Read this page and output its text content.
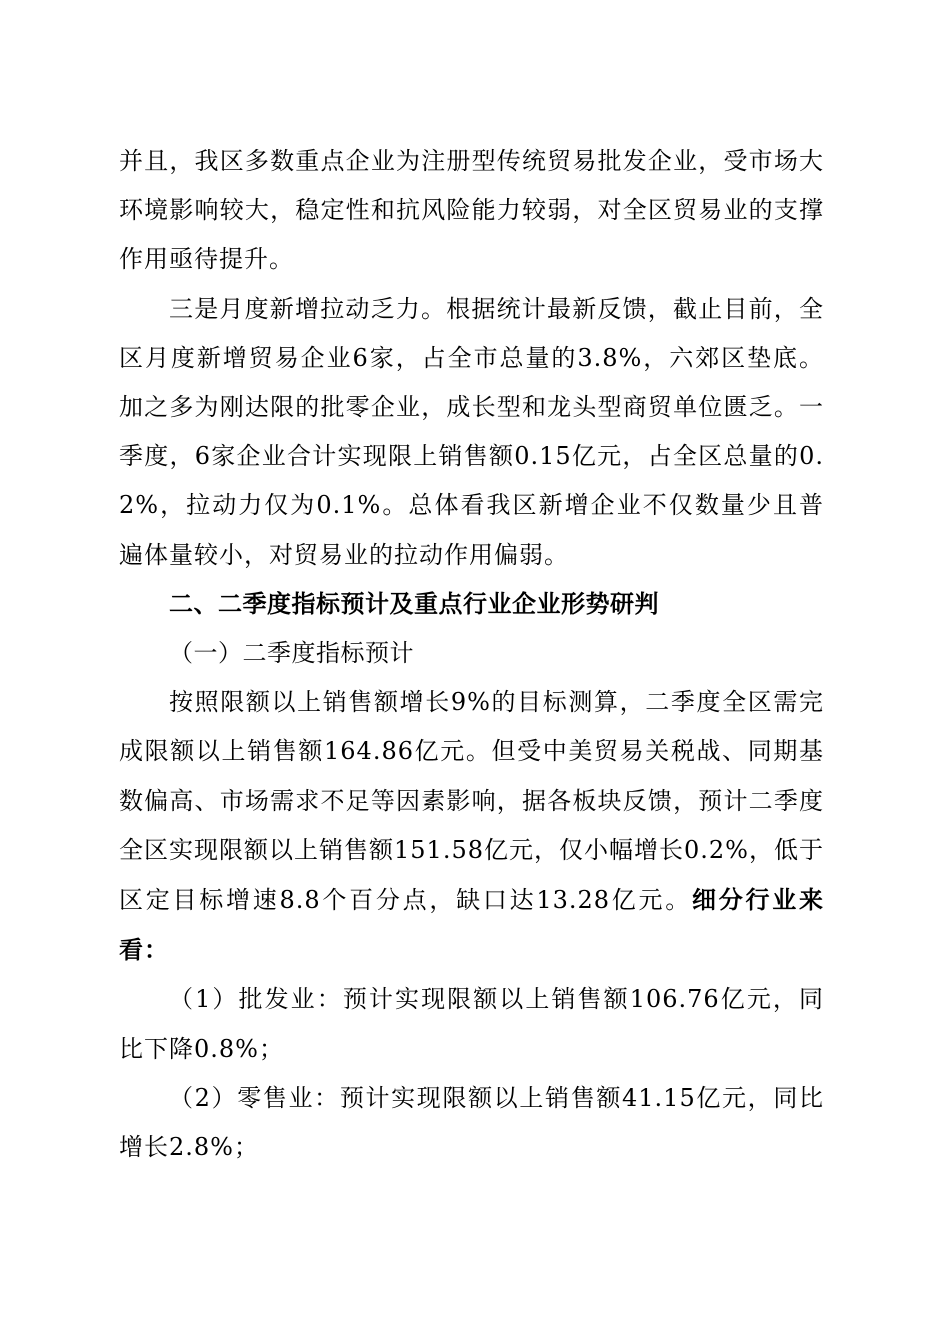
并且，我区多数重点企业为注册型传统贸易批发企业，受市场大环境影响较大，稳定性和抗风险能力较弱，对全区贸易业的支撑作用亟待提升。

三是月度新增拉动乏力。根据统计最新反馈，截止目前，全区月度新增贸易企业6家，占全市总量的3.8%，六郊区垫底。加之多为刚达限的批零企业，成长型和龙头型商贸单位匮乏。一季度，6家企业合计实现限上销售额0.15亿元，占全区总量的0.2%，拉动力仅为0.1%。总体看我区新增企业不仅数量少且普遍体量较小，对贸易业的拉动作用偏弱。

二、二季度指标预计及重点行业企业形势研判

（一）二季度指标预计

按照限额以上销售额增长9%的目标测算，二季度全区需完成限额以上销售额164.86亿元。但受中美贸易关税战、同期基数偏高、市场需求不足等因素影响，据各板块反馈，预计二季度全区实现限额以上销售额151.58亿元，仅小幅增长0.2%，低于区定目标增速8.8个百分点，缺口达13.28亿元。细分行业来看：

（1）批发业：预计实现限额以上销售额106.76亿元，同比下降0.8%；

（2）零售业：预计实现限额以上销售额41.15亿元，同比增长2.8%；
